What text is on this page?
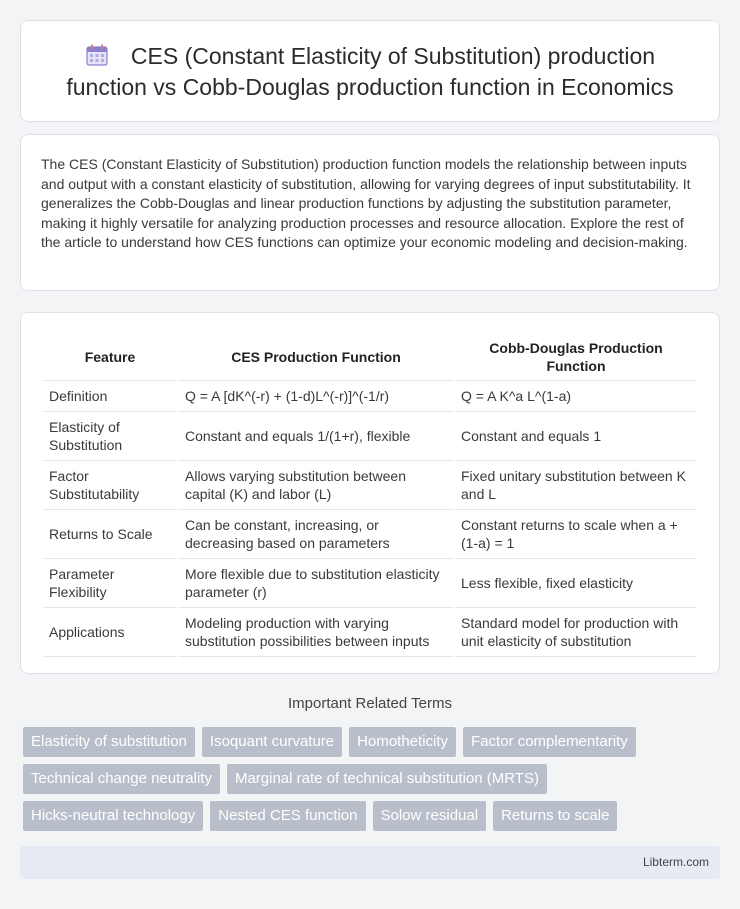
CES (Constant Elasticity of Substitution) production function vs Cobb-Douglas production function in Economics

The CES (Constant Elasticity of Substitution) production function models the relationship between inputs and output with a constant elasticity of substitution, allowing for varying degrees of input substitutability. It generalizes the Cobb-Douglas and linear production functions by adjusting the substitution parameter, making it highly versatile for analyzing production processes and resource allocation. Explore the rest of the article to understand how CES functions can optimize your economic modeling and decision-making.

Feature	CES Production Function	Cobb-Douglas Production Function
Definition	Q = A [dK^(-r) + (1-d)L^(-r)]^(-1/r)	Q = A K^a L^(1-a)
Elasticity of Substitution	Constant and equals 1/(1+r), flexible	Constant and equals 1
Factor Substitutability	Allows varying substitution between capital (K) and labor (L)	Fixed unitary substitution between K and L
Returns to Scale	Can be constant, increasing, or decreasing based on parameters	Constant returns to scale when a + (1-a) = 1
Parameter Flexibility	More flexible due to substitution elasticity parameter (r)	Less flexible, fixed elasticity
Applications	Modeling production with varying substitution possibilities between inputs	Standard model for production with unit elasticity of substitution
Important Related Terms
Elasticity of substitution	Isoquant curvature	Homotheticity	Factor complementarity
Technical change neutrality	Marginal rate of technical substitution (MRTS)
Hicks-neutral technology	Nested CES function	Solow residual	Returns to scale
Libterm.com
